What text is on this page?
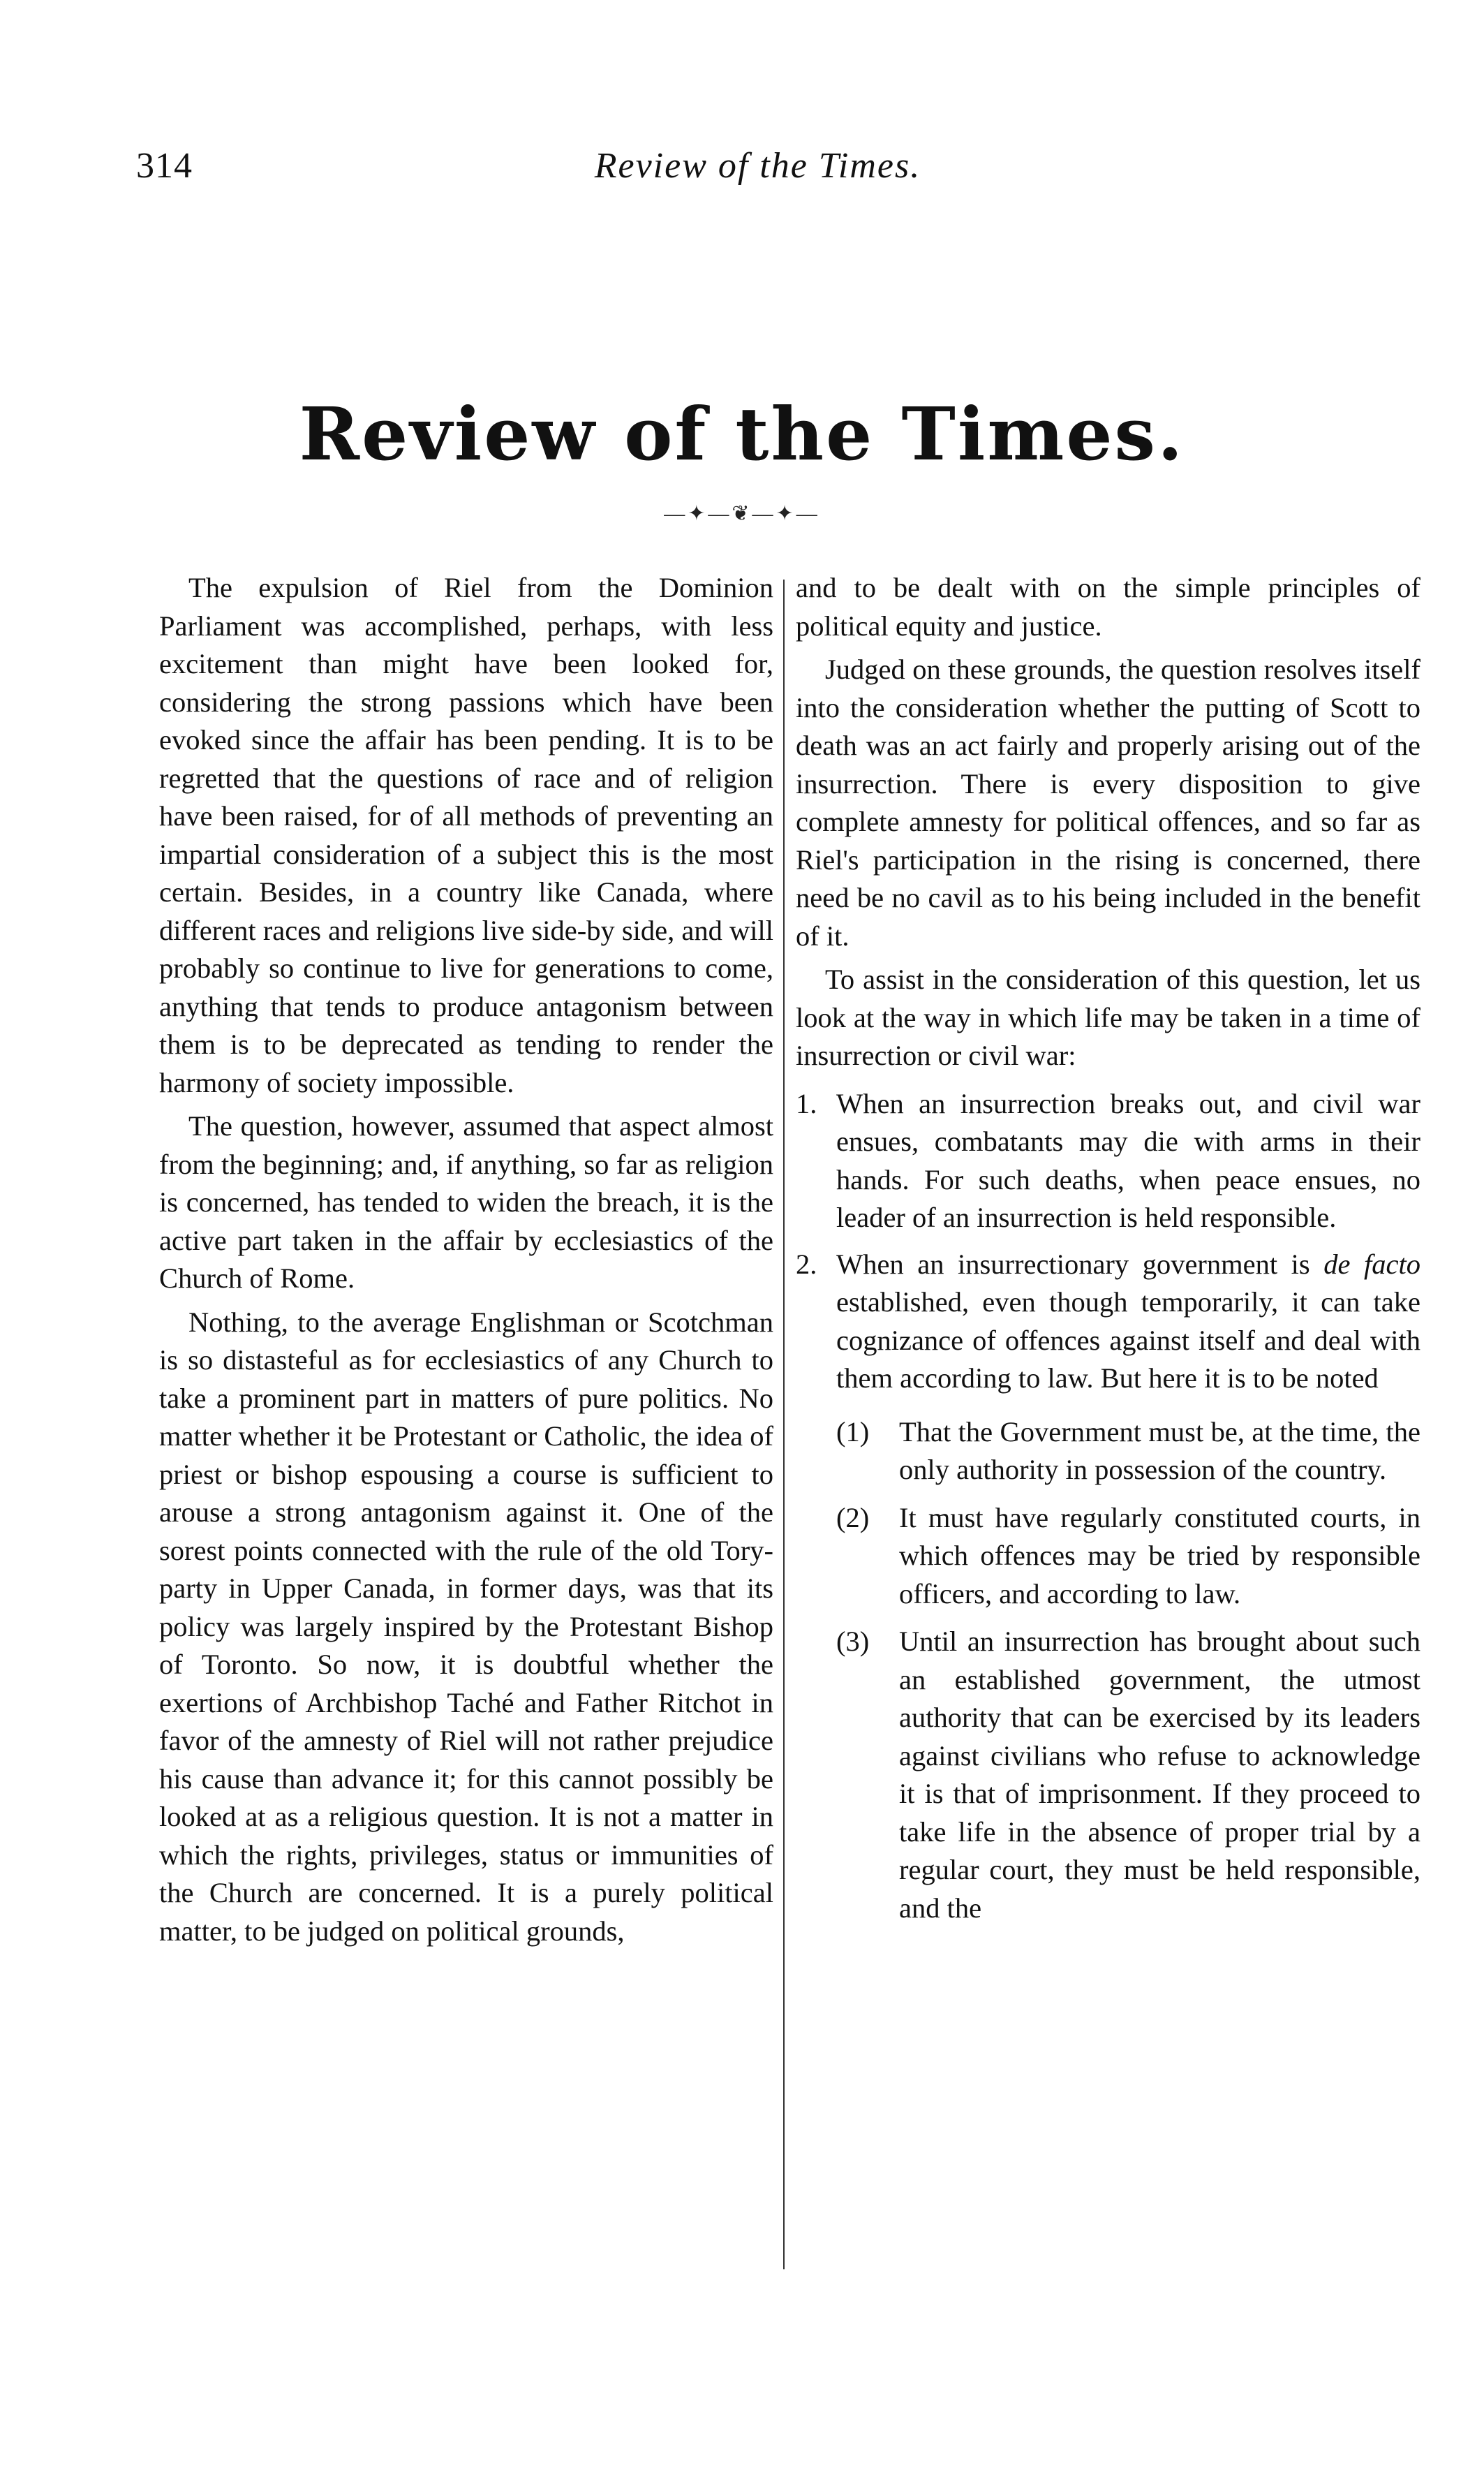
314	Review of the Times.
Review of the Times.
—✦—❦—✦—

The expulsion of Riel from the Dominion Parliament was accomplished, perhaps, with less excitement than might have been looked for, considering the strong passions which have been evoked since the affair has been pending. It is to be regretted that the questions of race and of religion have been raised, for of all methods of preventing an impartial consideration of a subject this is the most certain. Besides, in a country like Canada, where different races and religions live side-by side, and will probably so continue to live for generations to come, anything that tends to produce antagonism between them is to be deprecated as tending to render the harmony of society impossible.

The question, however, assumed that aspect almost from the beginning; and, if anything, so far as religion is concerned, has tended to widen the breach, it is the active part taken in the affair by ecclesiastics of the Church of Rome.

Nothing, to the average Englishman or Scotchman is so distasteful as for ecclesiastics of any Church to take a prominent part in matters of pure politics. No matter whether it be Protestant or Catholic, the idea of priest or bishop espousing a course is sufficient to arouse a strong antagonism against it. One of the sorest points connected with the rule of the old Tory-party in Upper Canada, in former days, was that its policy was largely inspired by the Protestant Bishop of Toronto. So now, it is doubtful whether the exertions of Archbishop Taché and Father Ritchot in favor of the amnesty of Riel will not rather prejudice his cause than advance it; for this cannot possibly be looked at as a religious question. It is not a matter in which the rights, privileges, status or immunities of the Church are concerned. It is a purely political matter, to be judged on political grounds,

and to be dealt with on the simple principles of political equity and justice.

Judged on these grounds, the question resolves itself into the consideration whether the putting of Scott to death was an act fairly and properly arising out of the insurrection. There is every disposition to give complete amnesty for political offences, and so far as Riel's participation in the rising is concerned, there need be no cavil as to his being included in the benefit of it.

To assist in the consideration of this question, let us look at the way in which life may be taken in a time of insurrection or civil war:

1. When an insurrection breaks out, and civil war ensues, combatants may die with arms in their hands. For such deaths, when peace ensues, no leader of an insurrection is held responsible.
2. When an insurrectionary government is de facto established, even though temporarily, it can take cognizance of offences against itself and deal with them according to law. But here it is to be noted
(1) That the Government must be, at the time, the only authority in possession of the country.
(2) It must have regularly constituted courts, in which offences may be tried by responsible officers, and according to law.
(3) Until an insurrection has brought about such an established government, the utmost authority that can be exercised by its leaders against civilians who refuse to acknowledge it is that of imprisonment. If they proceed to take life in the absence of proper trial by a regular court, they must be held responsible, and the
